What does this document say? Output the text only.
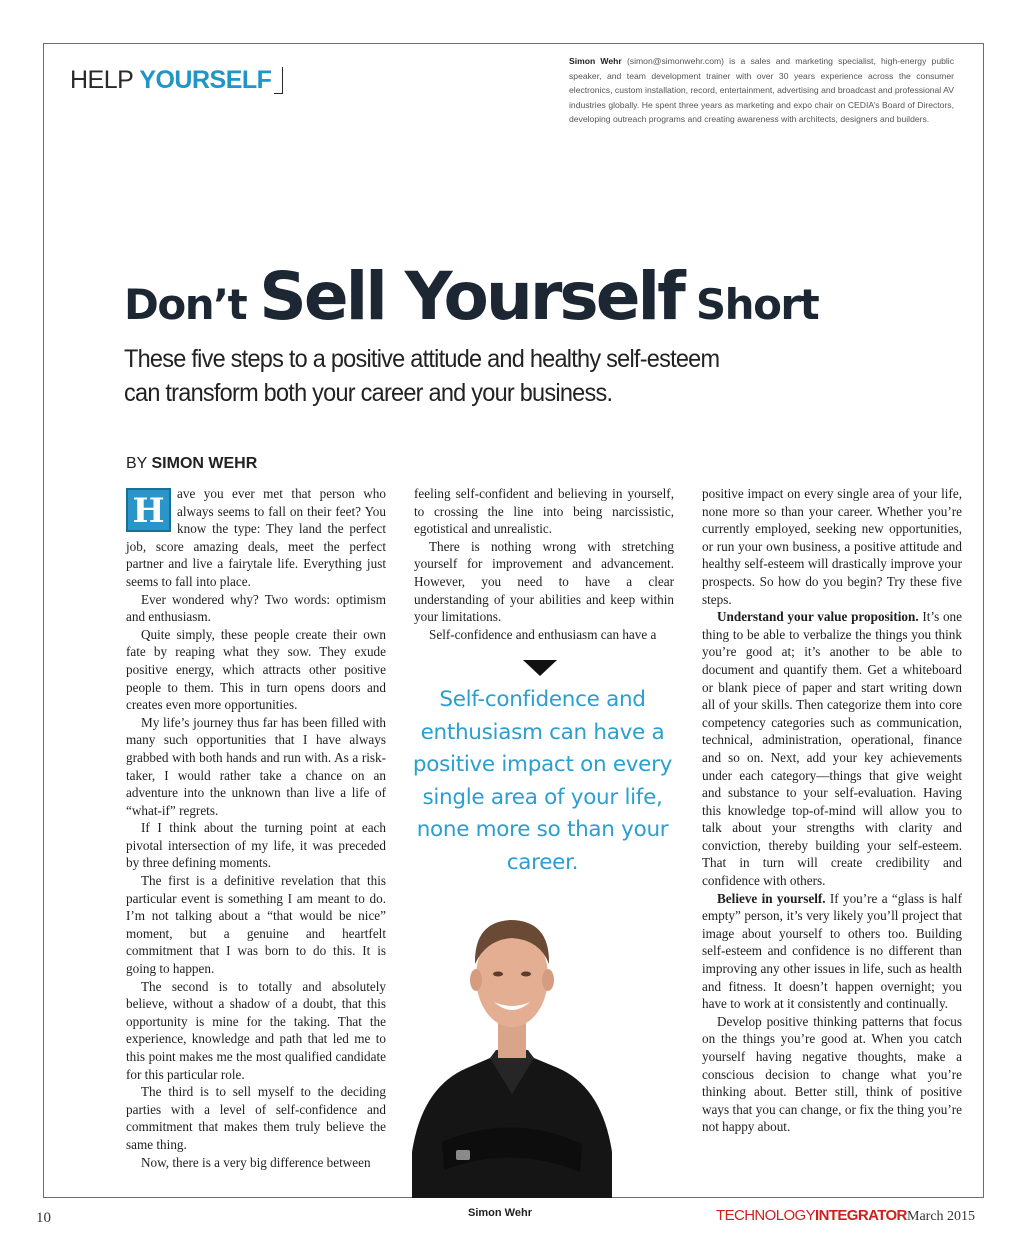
HELP YOURSELF
Simon Wehr (simon@simonwehr.com) is a sales and marketing specialist, high-energy public speaker, and team development trainer with over 30 years experience across the consumer electronics, custom installation, record, entertainment, advertising and broadcast and professional AV industries globally. He spent three years as marketing and expo chair on CEDIA’s Board of Directors, developing outreach programs and creating awareness with architects, designers and builders.
Don’t Sell Yourself Short
These five steps to a positive attitude and healthy self-esteem
can transform both your career and your business.
BY SIMON WEHR
H ave you ever met that person who always seems to fall on their feet? You know the type: They land the perfect job, score amazing deals, meet the perfect partner and live a fairytale life. Everything just seems to fall into place.

Ever wondered why? Two words: optimism and enthusiasm.

Quite simply, these people create their own fate by reaping what they sow. They exude positive energy, which attracts other positive people to them. This in turn opens doors and creates even more opportunities.

My life’s journey thus far has been filled with many such opportunities that I have always grabbed with both hands and run with. As a risk-taker, I would rather take a chance on an adventure into the unknown than live a life of “what-if” regrets.

If I think about the turning point at each pivotal intersection of my life, it was preceded by three defining moments.

The first is a definitive revelation that this particular event is something I am meant to do. I’m not talking about a “that would be nice” moment, but a genuine and heartfelt commitment that I was born to do this. It is going to happen.

The second is to totally and absolutely believe, without a shadow of a doubt, that this opportunity is mine for the taking. That the experience, knowledge and path that led me to this point makes me the most qualified candidate for this particular role.

The third is to sell myself to the deciding parties with a level of self-confidence and commitment that makes them truly believe the same thing.

Now, there is a very big difference between

feeling self-confident and believing in yourself, to crossing the line into being narcissistic, egotistical and unrealistic.

There is nothing wrong with stretching yourself for improvement and advancement. However, you need to have a clear understanding of your abilities and keep within your limitations.

Self-confidence and enthusiasm can have a

Self-confidence and enthusiasm can have a positive impact on every single area of your life, none more so than your career.
Simon Wehr

positive impact on every single area of your life, none more so than your career. Whether you’re currently employed, seeking new opportunities, or run your own business, a positive attitude and healthy self-esteem will drastically improve your prospects. So how do you begin? Try these five steps.

Understand your value proposition. It’s one thing to be able to verbalize the things you think you’re good at; it’s another to be able to document and quantify them. Get a whiteboard or blank piece of paper and start writing down all of your skills. Then categorize them into core competency categories such as communication, technical, administration, operational, finance and so on. Next, add your key achievements under each category—things that give weight and substance to your self-evaluation. Having this knowledge top-of-mind will allow you to talk about your strengths with clarity and conviction, thereby building your self-esteem. That in turn will create credibility and confidence with others.

Believe in yourself. If you’re a “glass is half empty” person, it’s very likely you’ll project that image about yourself to others too. Building self-esteem and confidence is no different than improving any other issues in life, such as health and fitness. It doesn’t happen overnight; you have to work at it consistently and continually.

Develop positive thinking patterns that focus on the things you’re good at. When you catch yourself having negative thoughts, make a conscious decision to change what you’re thinking about. Better still, think of positive ways that you can change, or fix the thing you’re not happy about.

10	TECHNOLOGYINTEGRATOR March 2015
